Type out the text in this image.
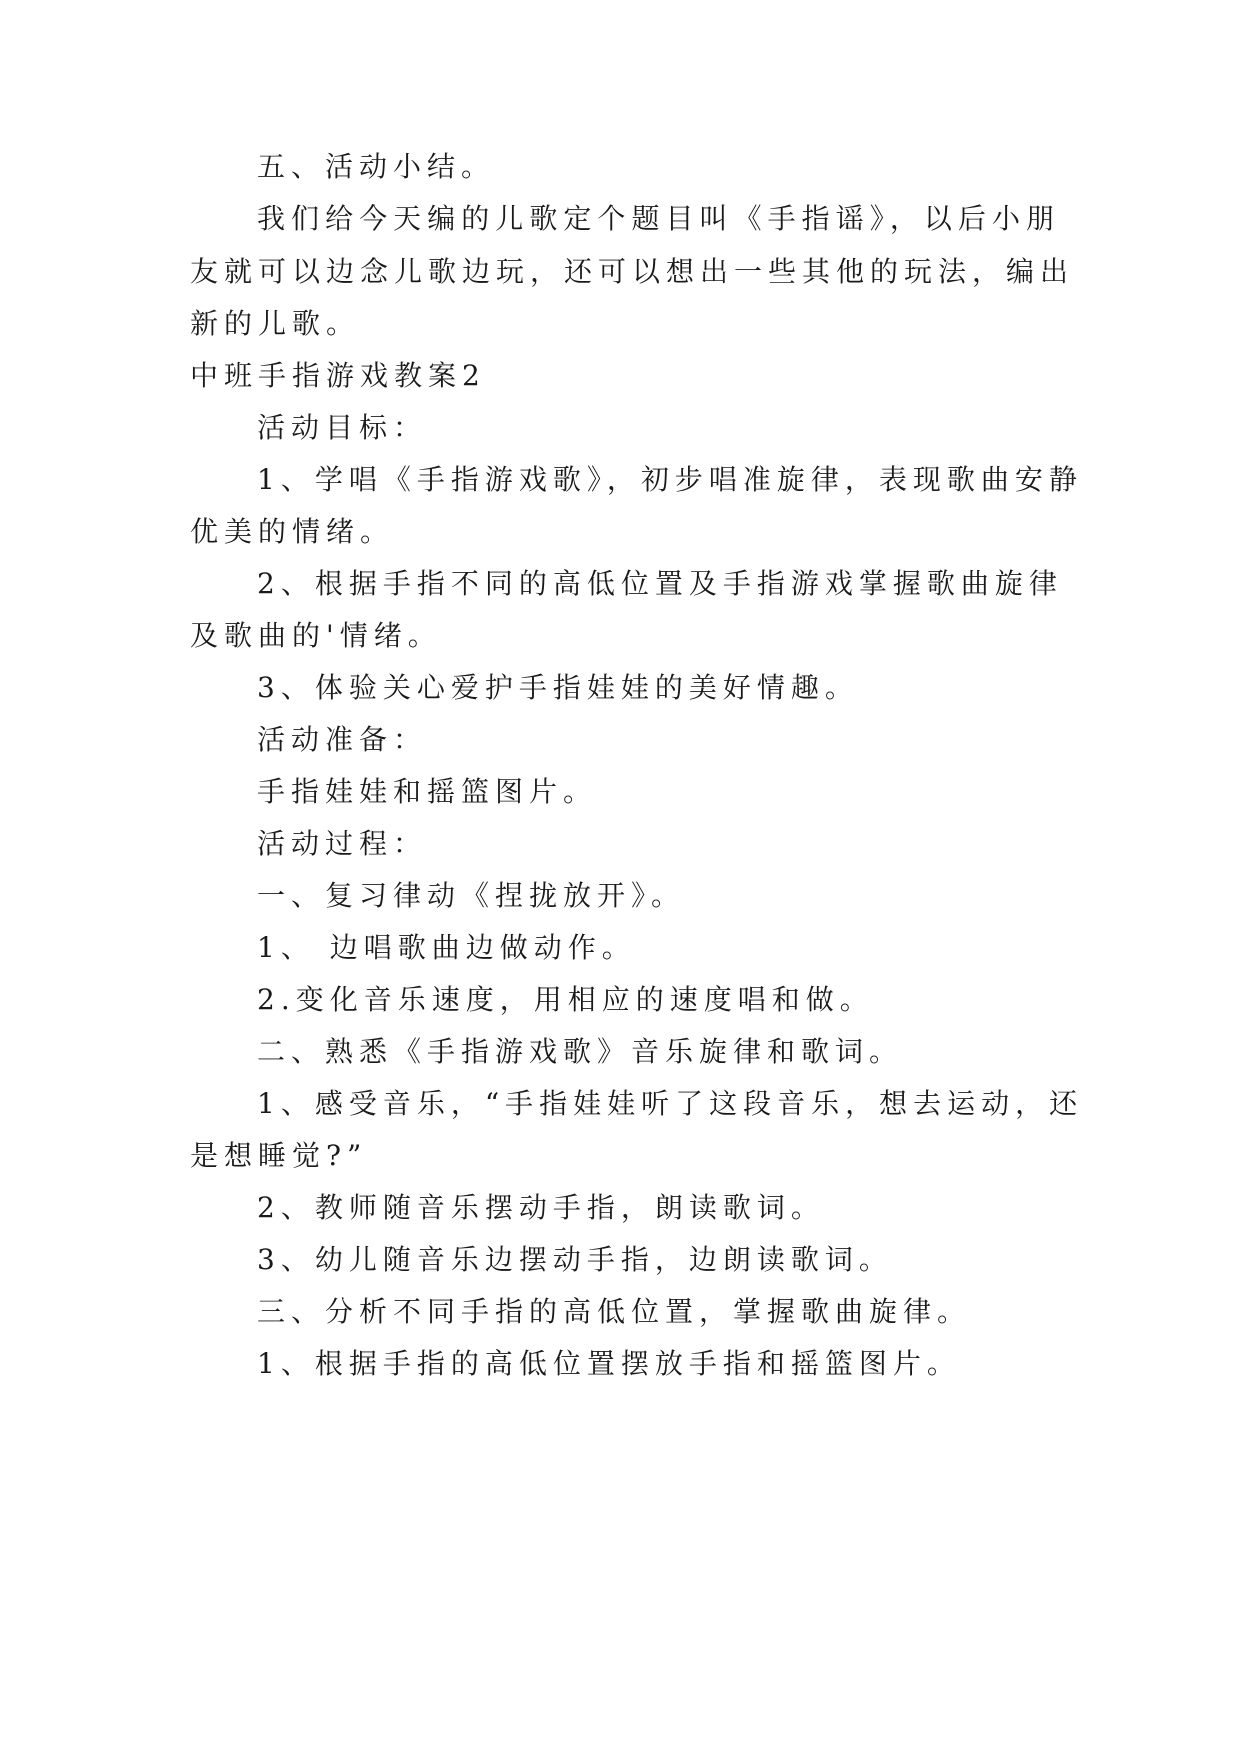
五、活动小结。
我们给今天编的儿歌定个题目叫《手指谣》，以后小朋
友就可以边念儿歌边玩，还可以想出一些其他的玩法，编出
新的儿歌。
中班手指游戏教案2
活动目标：
1、学唱《手指游戏歌》，初步唱准旋律，表现歌曲安静
优美的情绪。
2、根据手指不同的高低位置及手指游戏掌握歌曲旋律
及歌曲的'情绪。
3、体验关心爱护手指娃娃的美好情趣。
活动准备：
手指娃娃和摇篮图片。
活动过程：
一、复习律动《捏拢放开》。
1、 边唱歌曲边做动作。
2.变化音乐速度，用相应的速度唱和做。
二、熟悉《手指游戏歌》音乐旋律和歌词。
1、感受音乐，“手指娃娃听了这段音乐，想去运动，还
是想睡觉?”
2、教师随音乐摆动手指，朗读歌词。
3、幼儿随音乐边摆动手指，边朗读歌词。
三、分析不同手指的高低位置，掌握歌曲旋律。
1、根据手指的高低位置摆放手指和摇篮图片。
